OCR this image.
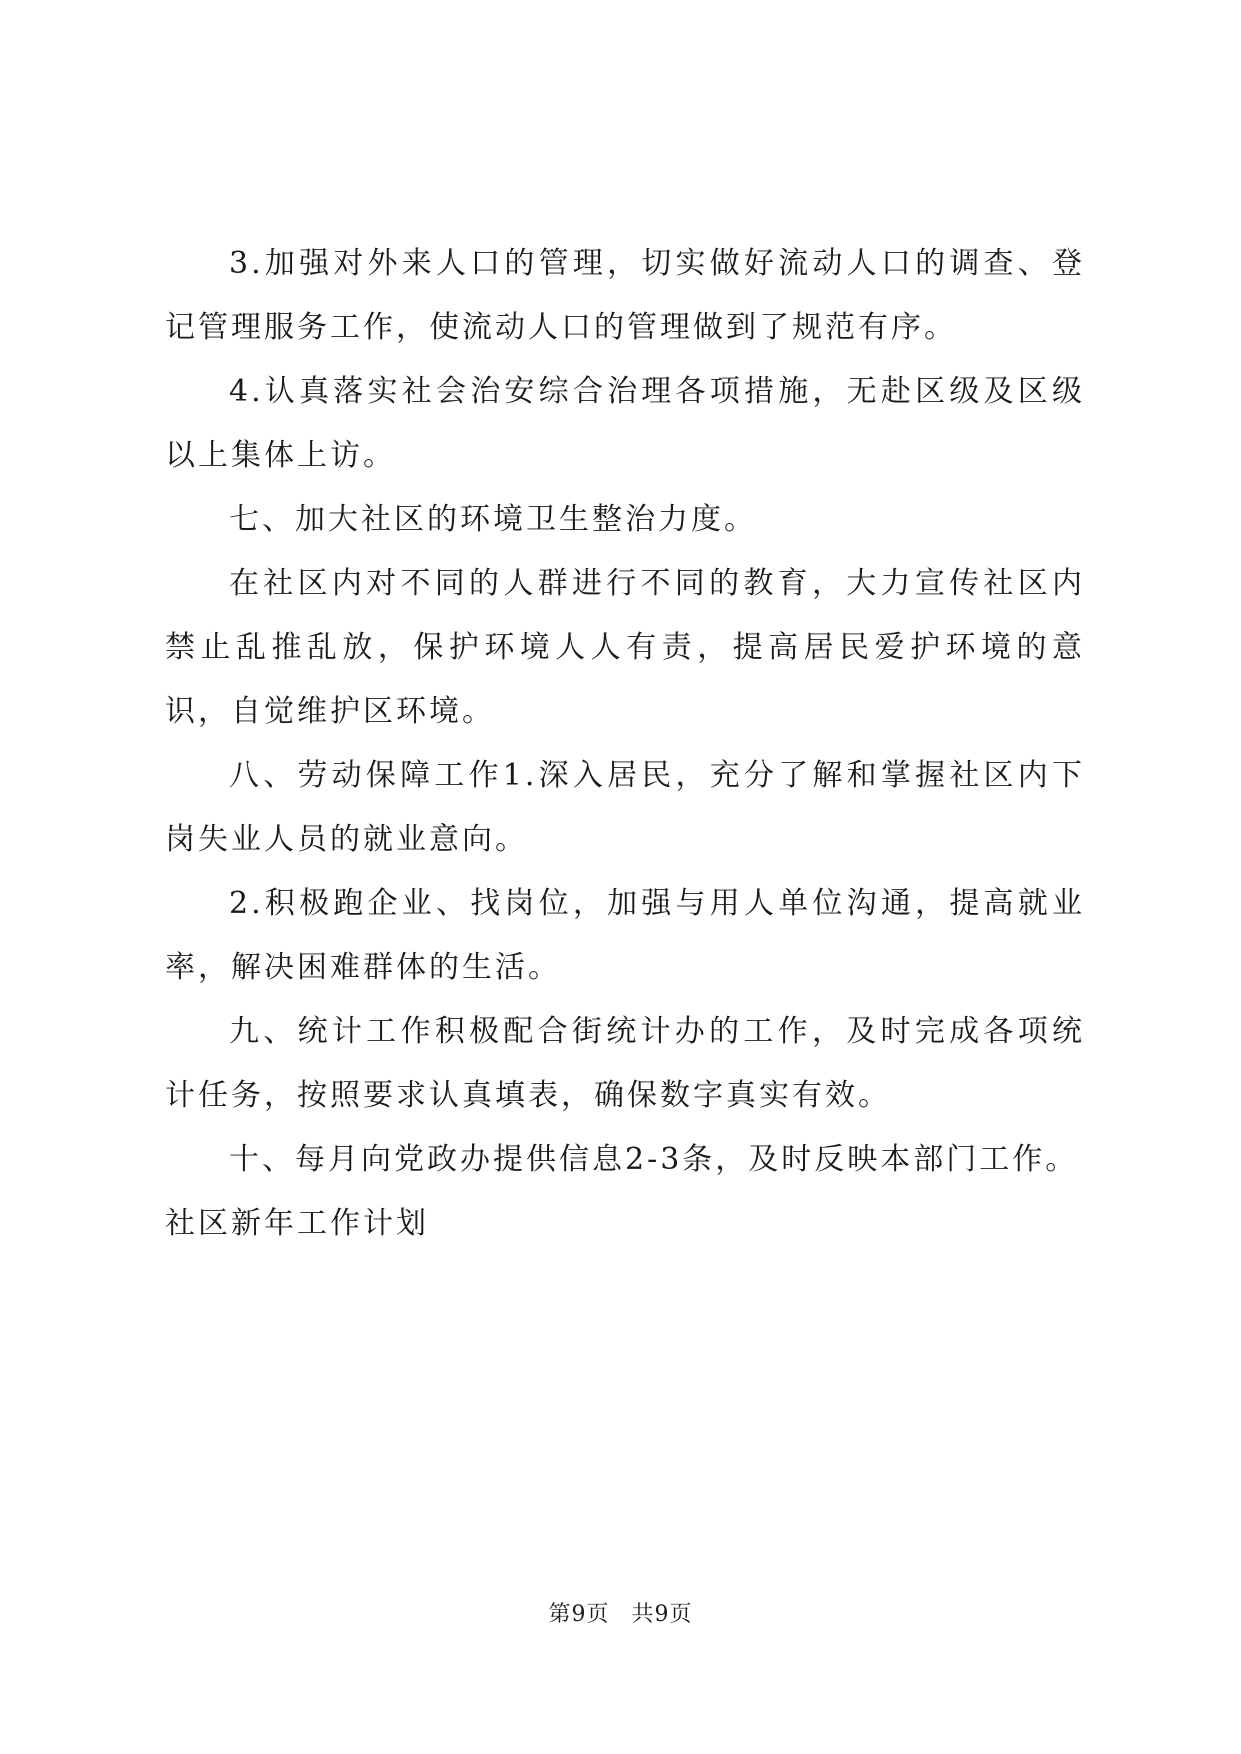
3.加强对外来人口的管理，切实做好流动人口的调查、登记管理服务工作，使流动人口的管理做到了规范有序。

4.认真落实社会治安综合治理各项措施，无赴区级及区级以上集体上访。

七、加大社区的环境卫生整治力度。

在社区内对不同的人群进行不同的教育，大力宣传社区内禁止乱推乱放，保护环境人人有责，提高居民爱护环境的意识，自觉维护区环境。

八、劳动保障工作1.深入居民，充分了解和掌握社区内下岗失业人员的就业意向。

2.积极跑企业、找岗位，加强与用人单位沟通，提高就业率，解决困难群体的生活。

九、统计工作积极配合街统计办的工作，及时完成各项统计任务，按照要求认真填表，确保数字真实有效。

十、每月向党政办提供信息2-3条，及时反映本部门工作。

社区新年工作计划

第9页 共9页
